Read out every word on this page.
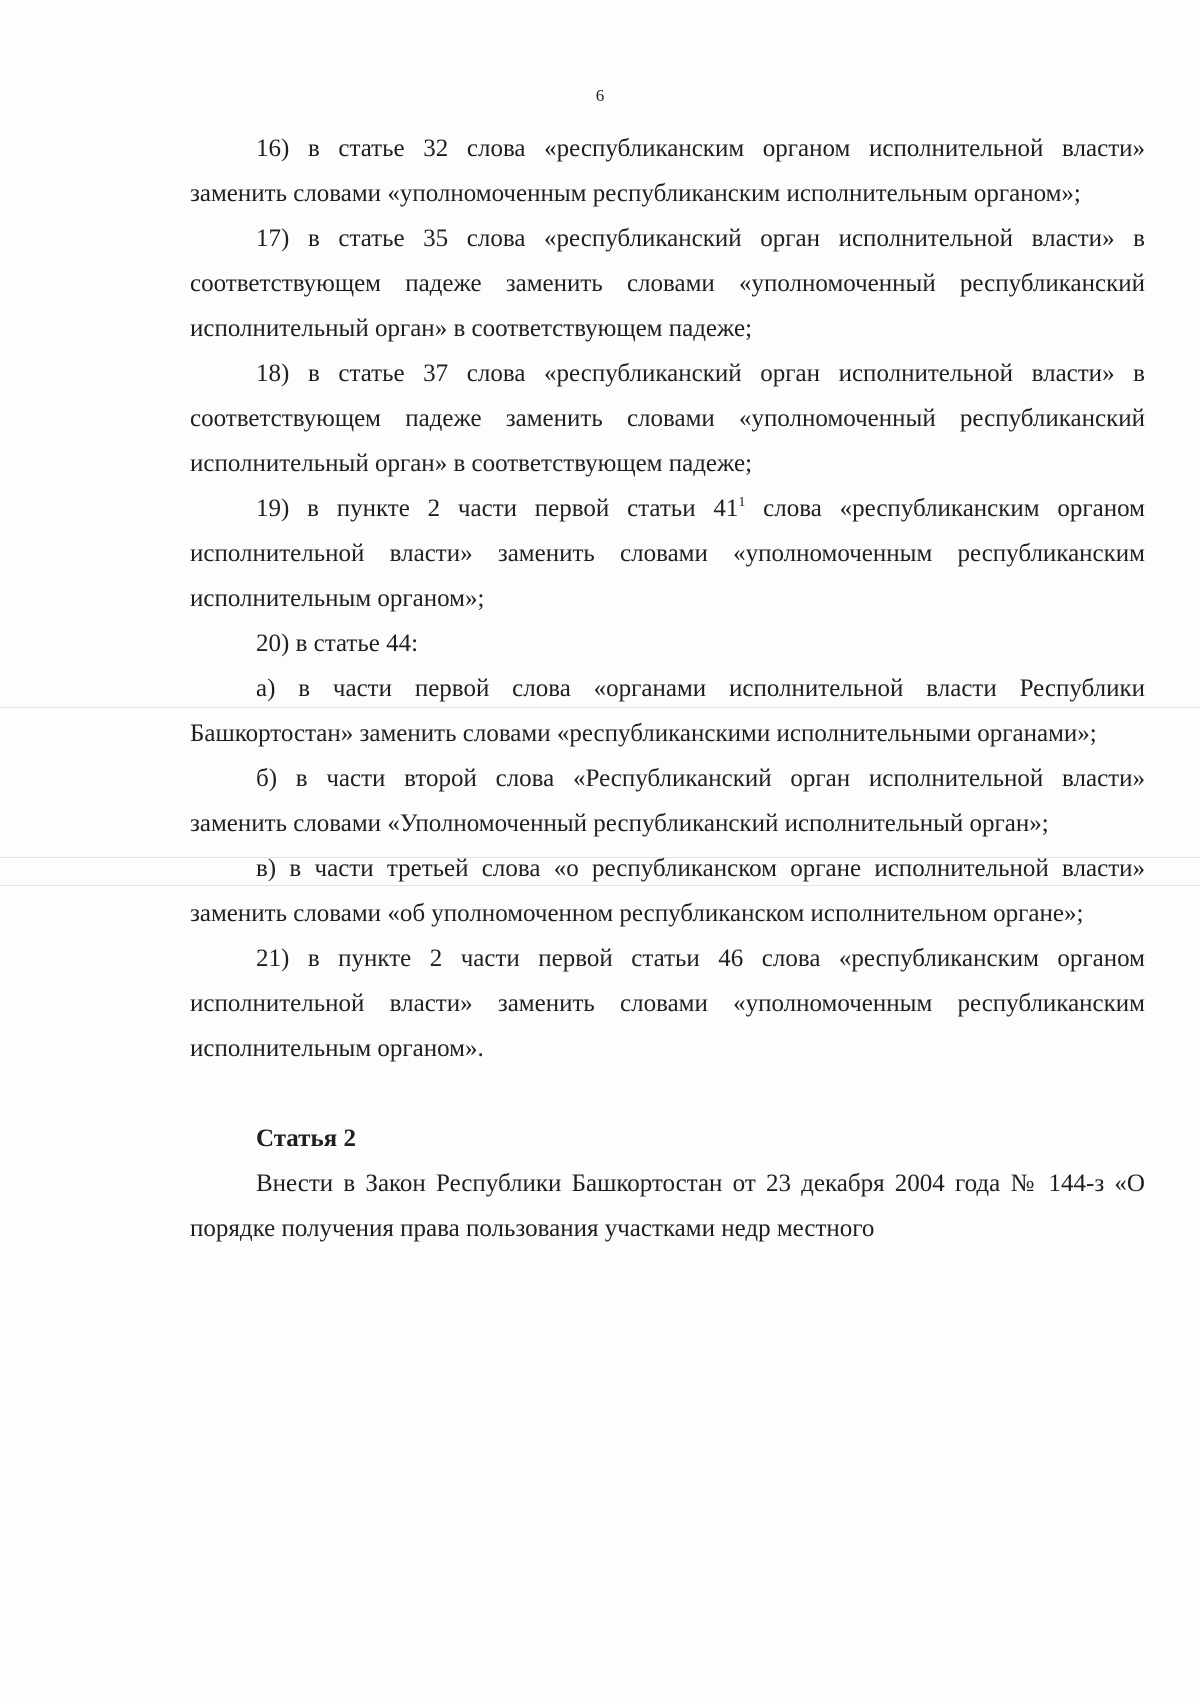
6

16) в статье 32 слова «республиканским органом исполнительной власти» заменить словами «уполномоченным республиканским исполнительным органом»;

17) в статье 35 слова «республиканский орган исполнительной власти» в соответствующем падеже заменить словами «уполномоченный республиканский исполнительный орган» в соответствующем падеже;

18) в статье 37 слова «республиканский орган исполнительной власти» в соответствующем падеже заменить словами «уполномоченный республиканский исполнительный орган» в соответствующем падеже;

19) в пункте 2 части первой статьи $41^1$ слова «республиканским органом исполнительной власти» заменить словами «уполномоченным республиканским исполнительным органом»;

20) в статье 44:

а) в части первой слова «органами исполнительной власти Республики Башкортостан» заменить словами «республиканскими исполнительными органами»;

б) в части второй слова «Республиканский орган исполнительной власти» заменить словами «Уполномоченный республиканский исполнительный орган»;

в) в части третьей слова «о республиканском органе исполнительной власти» заменить словами «об уполномоченном республиканском исполнительном органе»;

21) в пункте 2 части первой статьи 46 слова «республиканским органом исполнительной власти» заменить словами «уполномоченным республиканским исполнительным органом».

Статья 2

Внести в Закон Республики Башкортостан от 23 декабря 2004 года № 144-з «О порядке получения права пользования участками недр местного
